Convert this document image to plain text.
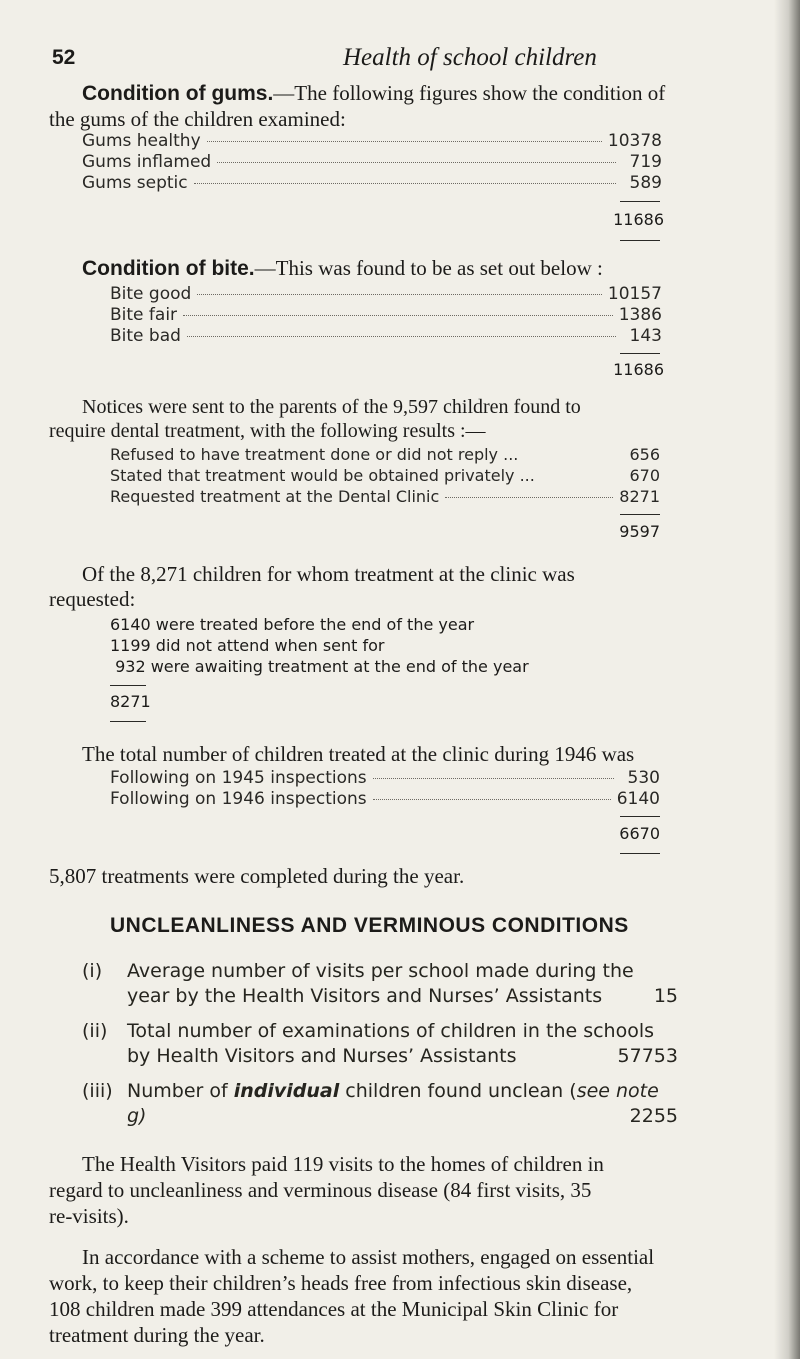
52	Health of school children
Condition of gums.—The following figures show the condition of
the gums of the children examined:
Gums healthy	10378
Gums inflamed	719
Gums septic	589
11686
Condition of bite.—This was found to be as set out below :
Bite good	10157
Bite fair	1386
Bite bad	143
11686
Notices were sent to the parents of the 9,597 children found to
require dental treatment, with the following results :—
Refused to have treatment done or did not reply ...	656
Stated that treatment would be obtained privately ...	670
Requested treatment at the Dental Clinic	8271
9597
Of the 8,271 children for whom treatment at the clinic was
requested:
6140 were treated before the end of the year
1199 did not attend when sent for
932 were awaiting treatment at the end of the year
8271
The total number of children treated at the clinic during 1946 was
Following on 1945 inspections	530
Following on 1946 inspections	6140
6670
5,807 treatments were completed during the year.
UNCLEANLINESS AND VERMINOUS CONDITIONS
(i) Average number of visits per school made during the
year by the Health Visitors and Nurses’ Assistants	15
(ii) Total number of examinations of children in the schools
by Health Visitors and Nurses’ Assistants	57753
(iii) Number of individual children found unclean (see note
g)	2255
The Health Visitors paid 119 visits to the homes of children in
regard to uncleanliness and verminous disease (84 first visits, 35
re-visits).
In accordance with a scheme to assist mothers, engaged on essential
work, to keep their children’s heads free from infectious skin disease,
108 children made 399 attendances at the Municipal Skin Clinic for
treatment during the year.
